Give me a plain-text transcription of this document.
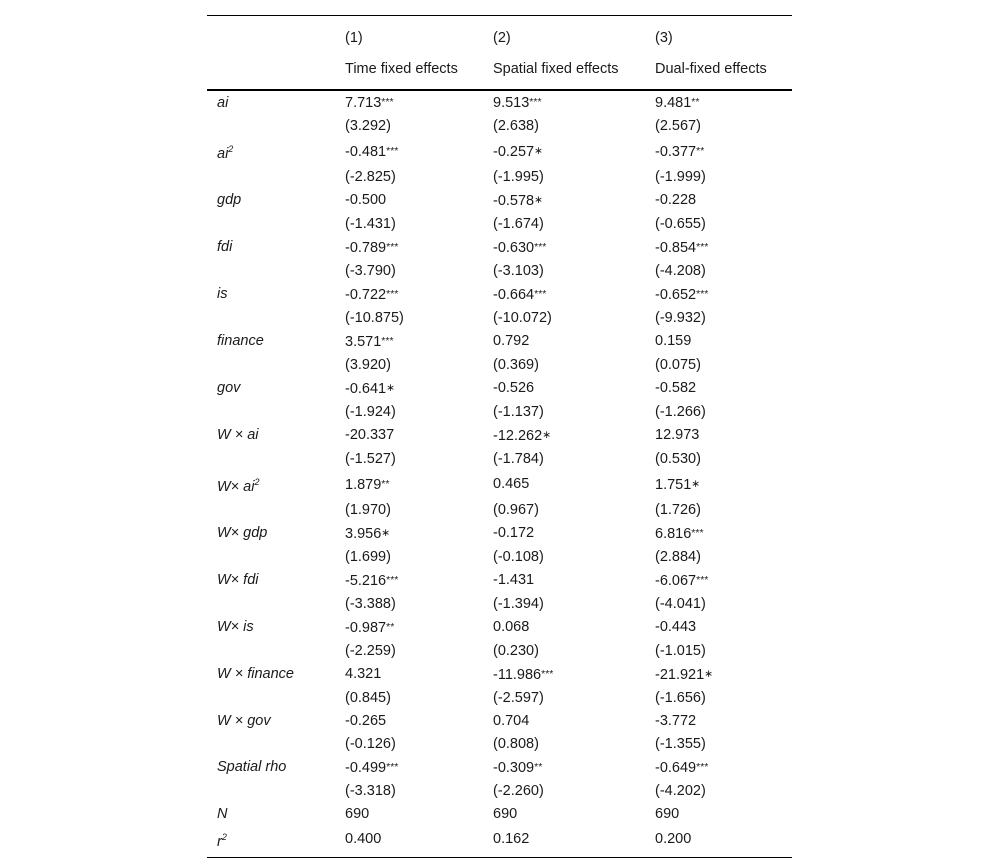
	(1)	(2)	(3)
	Time fixed effects	Spatial fixed effects	Dual-fixed effects
ai	7.713***	9.513***	9.481**
	(3.292)	(2.638)	(2.567)
$ai^2$	-0.481***	-0.257∗	-0.377**
	(-2.825)	(-1.995)	(-1.999)
gdp	-0.500	-0.578∗	-0.228
	(-1.431)	(-1.674)	(-0.655)
fdi	-0.789***	-0.630***	-0.854***
	(-3.790)	(-3.103)	(-4.208)
is	-0.722***	-0.664***	-0.652***
	(-10.875)	(-10.072)	(-9.932)
finance	3.571***	0.792	0.159
	(3.920)	(0.369)	(0.075)
gov	-0.641∗	-0.526	-0.582
	(-1.924)	(-1.137)	(-1.266)
W × ai	-20.337	-12.262∗	12.973
	(-1.527)	(-1.784)	(0.530)
$W\times ai^2$	1.879**	0.465	1.751∗
	(1.970)	(0.967)	(1.726)
W× gdp	3.956∗	-0.172	6.816***
	(1.699)	(-0.108)	(2.884)
W× fdi	-5.216***	-1.431	-6.067***
	(-3.388)	(-1.394)	(-4.041)
W× is	-0.987**	0.068	-0.443
	(-2.259)	(0.230)	(-1.015)
W × finance	4.321	-11.986***	-21.921∗
	(0.845)	(-2.597)	(-1.656)
W × gov	-0.265	0.704	-3.772
	(-0.126)	(0.808)	(-1.355)
Spatial rho	-0.499***	-0.309**	-0.649***
	(-3.318)	(-2.260)	(-4.202)
N	690	690	690
$r^2$	0.400	0.162	0.200
